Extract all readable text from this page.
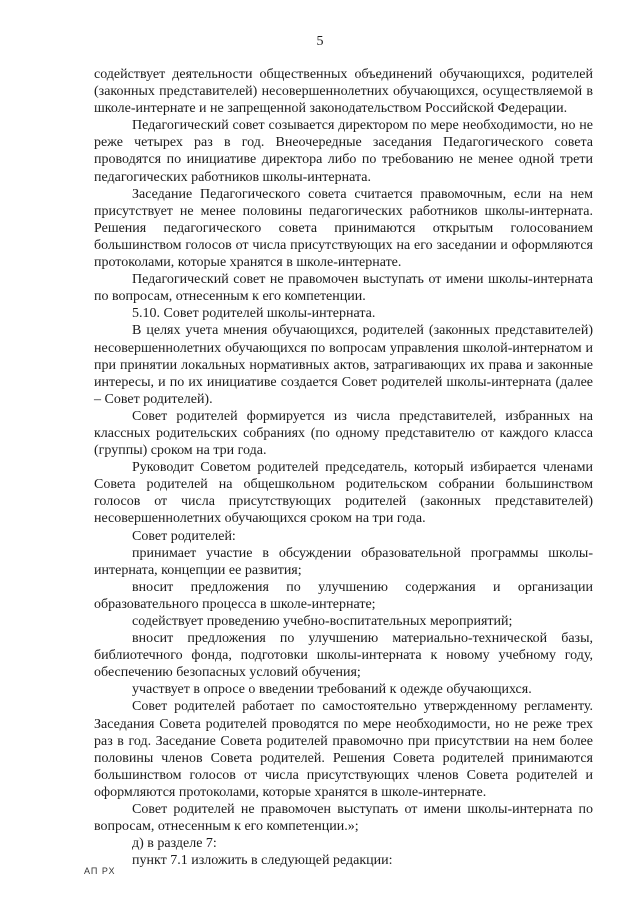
5

содействует деятельности общественных объединений обучающихся, родителей (законных представителей) несовершеннолетних обучающихся, осуществляемой в школе-интернате и не запрещенной законодательством Российской Федерации.

Педагогический совет созывается директором по мере необходимости, но не реже четырех раз в год. Внеочередные заседания Педагогического совета проводятся по инициативе директора либо по требованию не менее одной трети педагогических работников школы-интерната.

Заседание Педагогического совета считается правомочным, если на нем присутствует не менее половины педагогических работников школы-интерната. Решения педагогического совета принимаются открытым голосованием большинством голосов от числа присутствующих на его заседании и оформляются протоколами, которые хранятся в школе-интернате.

Педагогический совет не правомочен выступать от имени школы-интерната по вопросам, отнесенным к его компетенции.

5.10. Совет родителей школы-интерната.

В целях учета мнения обучающихся, родителей (законных представителей) несовершеннолетних обучающихся по вопросам управления школой-интернатом и при принятии локальных нормативных актов, затрагивающих их права и законные интересы, и по их инициативе создается Совет родителей школы-интерната (далее – Совет родителей).

Совет родителей формируется из числа представителей, избранных на классных родительских собраниях (по одному представителю от каждого класса (группы) сроком на три года.

Руководит Советом родителей председатель, который избирается членами Совета родителей на общешкольном родительском собрании большинством голосов от числа присутствующих родителей (законных представителей) несовершеннолетних обучающихся сроком на три года.

Совет родителей:

принимает участие в обсуждении образовательной программы школы-интерната, концепции ее развития;

вносит предложения по улучшению содержания и организации образовательного процесса в школе-интернате;

содействует проведению учебно-воспитательных мероприятий;

вносит предложения по улучшению материально-технической базы, библиотечного фонда, подготовки школы-интерната к новому учебному году, обеспечению безопасных условий обучения;

участвует в опросе о введении требований к одежде обучающихся.

Совет родителей работает по самостоятельно утвержденному регламенту. Заседания Совета родителей проводятся по мере необходимости, но не реже трех раз в год. Заседание Совета родителей правомочно при присутствии на нем более половины членов Совета родителей. Решения Совета родителей принимаются большинством голосов от числа присутствующих членов Совета родителей и оформляются протоколами, которые хранятся в школе-интернате.

Совет родителей не правомочен выступать от имени школы-интерната по вопросам, отнесенным к его компетенции.»;

д) в разделе 7:

пункт 7.1 изложить в следующей редакции:

АП РХ
